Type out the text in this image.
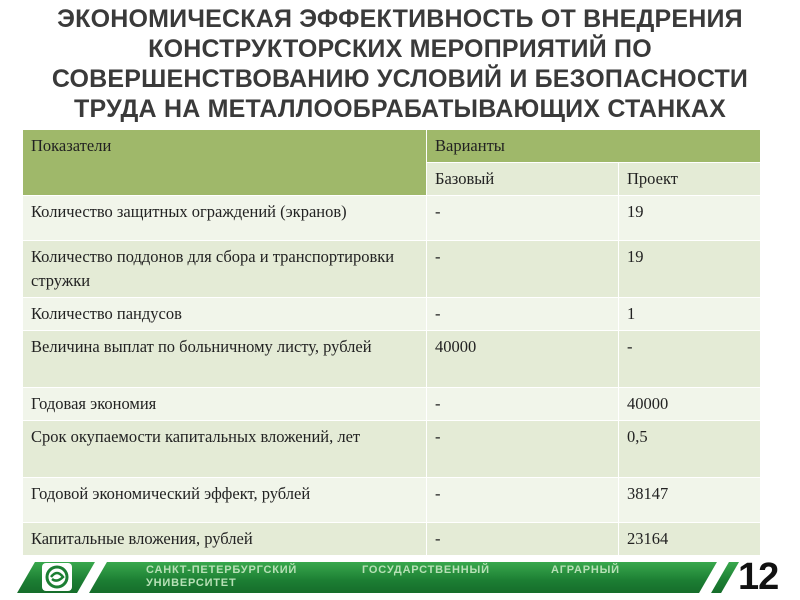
ЭКОНОМИЧЕСКАЯ ЭФФЕКТИВНОСТЬ ОТ ВНЕДРЕНИЯ
КОНСТРУКТОРСКИХ МЕРОПРИЯТИЙ ПО
СОВЕРШЕНСТВОВАНИЮ УСЛОВИЙ И БЕЗОПАСНОСТИ
ТРУДА НА МЕТАЛЛООБРАБАТЫВАЮЩИХ СТАНКАХ
Показатели	Варианты	
	Базовый	Проект
Количество защитных ограждений (экранов)	-	19
Количество поддонов для сбора и транспортировки стружки	-	19
Количество пандусов	-	1
Величина выплат по больничному листу, рублей	40000	-
Годовая экономия	-	40000
Срок окупаемости капитальных вложений, лет	-	0,5
Годовой экономический эффект, рублей	-	38147
Капитальные вложения, рублей	-	23164
САНКТ-ПЕТЕРБУРГСКИЙ
УНИВЕРСИТЕТ
ГОСУДАРСТВЕННЫЙ	АГРАРНЫЙ	12
